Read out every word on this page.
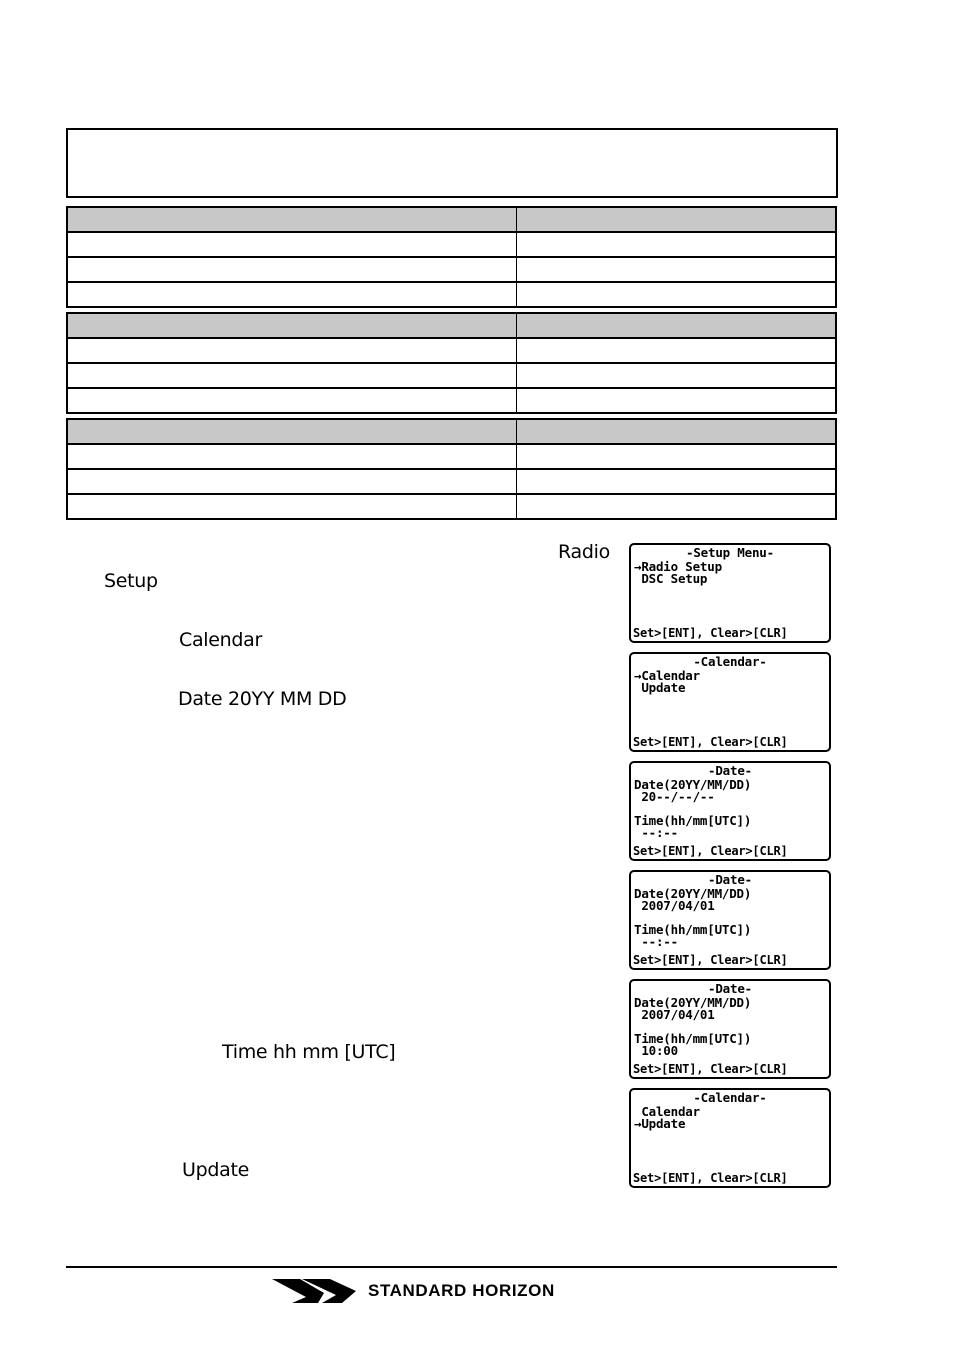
Radio
Setup
Calendar
Date 20YY MM DD
Time hh mm [UTC]
Update
-Setup Menu-
→Radio Setup
DSC Setup
Set>[ENT], Clear>[CLR]
-Calendar-
→Calendar
Update
Set>[ENT], Clear>[CLR]
-Date-
Date(20YY/MM/DD)
20--/--/--
Time(hh/mm[UTC])
--:--
Set>[ENT], Clear>[CLR]
-Date-
Date(20YY/MM/DD)
2007/04/01
Time(hh/mm[UTC])
--:--
Set>[ENT], Clear>[CLR]
-Date-
Date(20YY/MM/DD)
2007/04/01
Time(hh/mm[UTC])
10:00
Set>[ENT], Clear>[CLR]
-Calendar-
Calendar
→Update
Set>[ENT], Clear>[CLR]
STANDARD HORIZON
